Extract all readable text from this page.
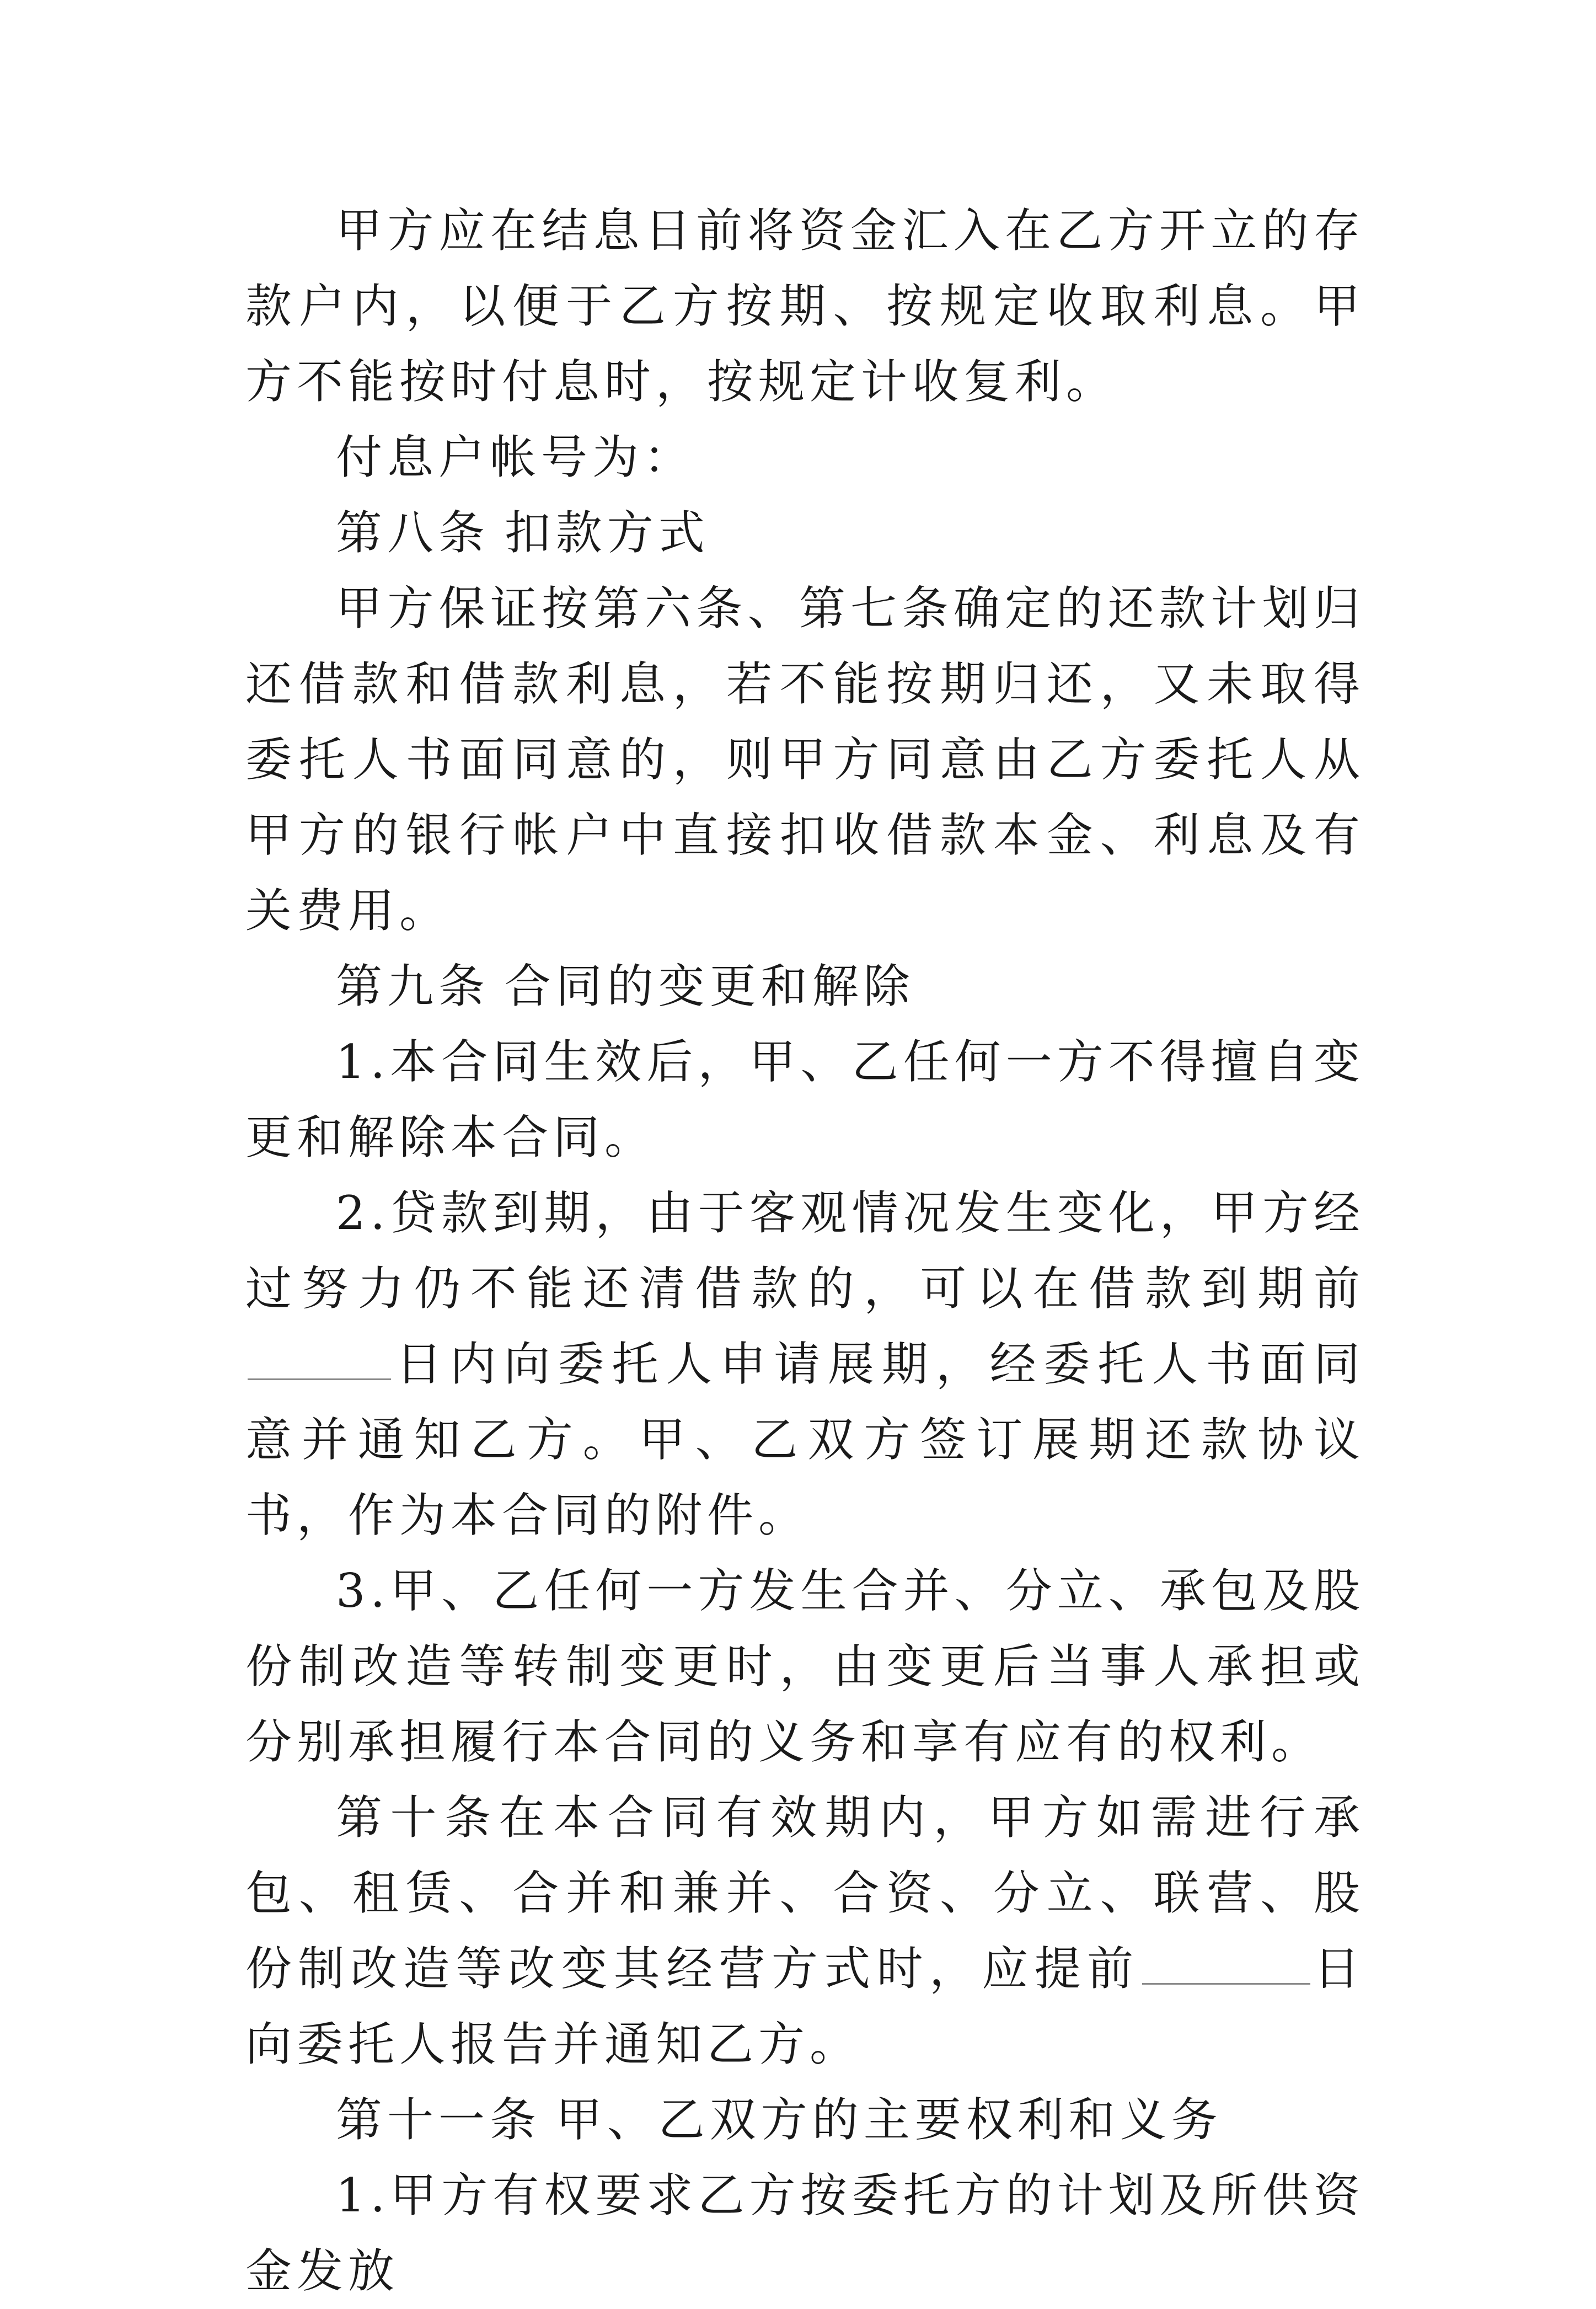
甲方应在结息日前将资金汇入在乙方开立的存款户内，以便于乙方按期、按规定收取利息。甲方不能按时付息时，按规定计收复利。

付息户帐号为：

第八条 扣款方式

甲方保证按第六条、第七条确定的还款计划归还借款和借款利息，若不能按期归还，又未取得委托人书面同意的，则甲方同意由乙方委托人从甲方的银行帐户中直接扣收借款本金、利息及有关费用。

第九条 合同的变更和解除

1.本合同生效后，甲、乙任何一方不得擅自变更和解除本合同。

2.贷款到期，由于客观情况发生变化，甲方经过努力仍不能还清借款的，可以在借款到期前日内向委托人申请展期，经委托人书面同意并通知乙方。甲、乙双方签订展期还款协议书，作为本合同的附件。

3.甲、乙任何一方发生合并、分立、承包及股份制改造等转制变更时，由变更后当事人承担或分别承担履行本合同的义务和享有应有的权利。

第十条在本合同有效期内，甲方如需进行承包、租赁、合并和兼并、合资、分立、联营、股份制改造等改变其经营方式时，应提前	日向委托人报告并通知乙方。

第十一条 甲、乙双方的主要权利和义务

1.甲方有权要求乙方按委托方的计划及所供资金发放
